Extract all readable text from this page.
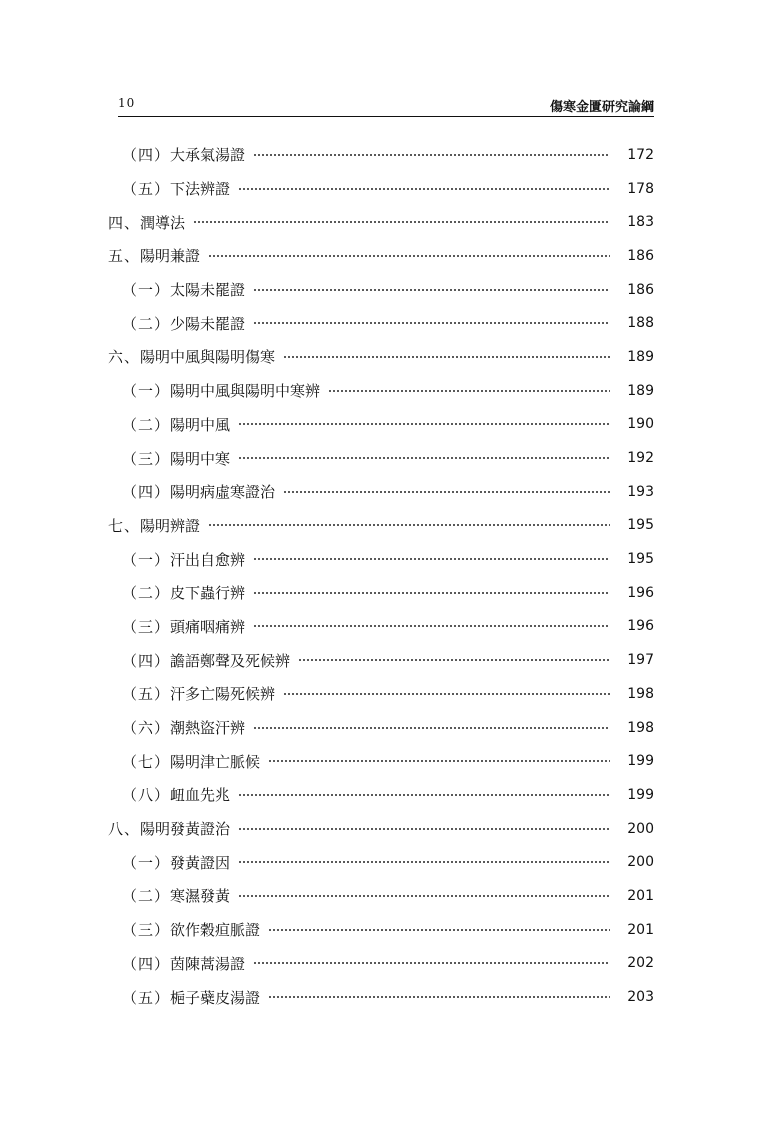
10	傷寒金匱研究論綱
（四）大承氣湯證	172
（五）下法辨證	178
四、潤導法	183
五、陽明兼證	186
（一）太陽未罷證	186
（二）少陽未罷證	188
六、陽明中風與陽明傷寒	189
（一）陽明中風與陽明中寒辨	189
（二）陽明中風	190
（三）陽明中寒	192
（四）陽明病虛寒證治	193
七、陽明辨證	195
（一）汗出自愈辨	195
（二）皮下蟲行辨	196
（三）頭痛咽痛辨	196
（四）譫語鄭聲及死候辨	197
（五）汗多亡陽死候辨	198
（六）潮熱盜汗辨	198
（七）陽明津亡脈候	199
（八）衄血先兆	199
八、陽明發黃證治	200
（一）發黃證因	200
（二）寒濕發黃	201
（三）欲作穀疸脈證	201
（四）茵陳蒿湯證	202
（五）梔子蘗皮湯證	203
